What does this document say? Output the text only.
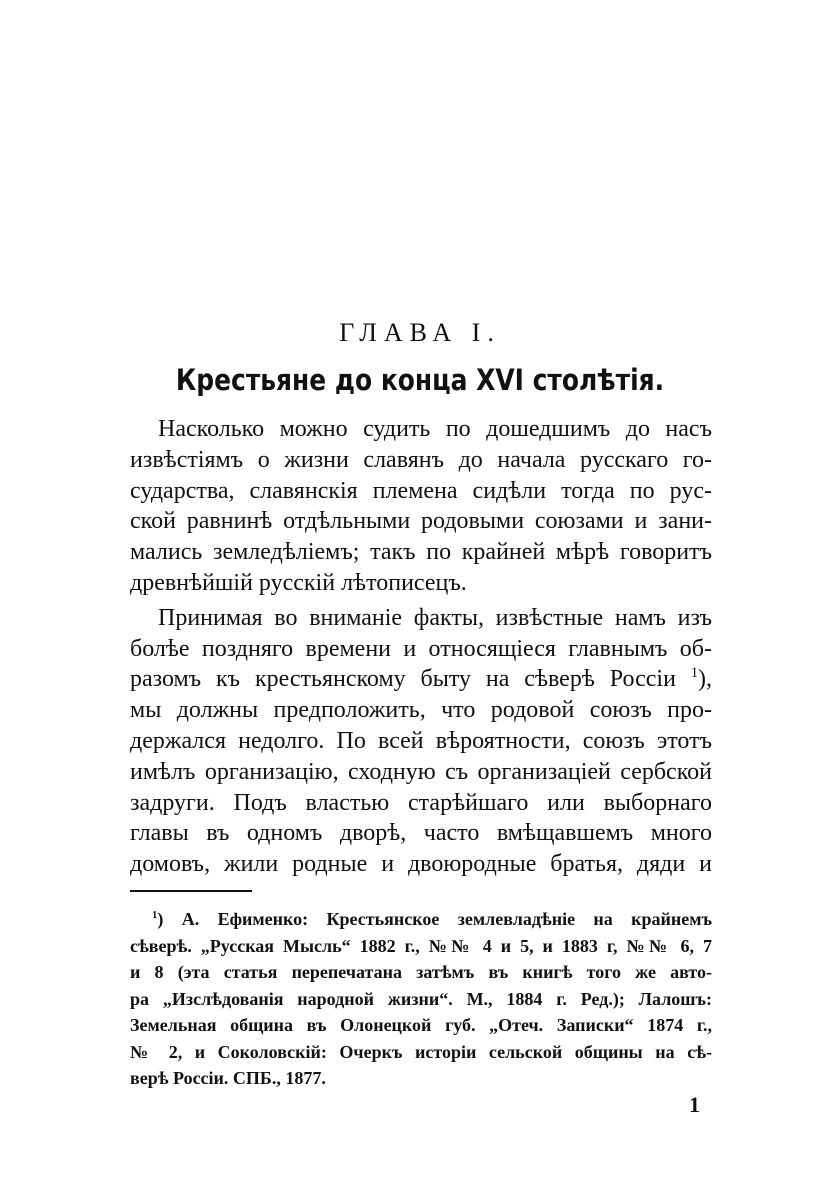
ГЛАВА I.
Крестьяне до конца XVI столѣтія.
Насколько можно судить по дошедшимъ до насъ
извѣстіямъ о жизни славянъ до начала русскаго го-
сударства, славянскія племена сидѣли тогда по рус-
ской равнинѣ отдѣльными родовыми союзами и зани-
мались земледѣліемъ; такъ по крайней мѣрѣ говоритъ
древнѣйшій русскій лѣтописецъ.
Принимая во вниманіе факты, извѣстные намъ изъ
болѣе поздняго времени и относящіеся главнымъ об-
разомъ къ крестьянскому быту на сѣверѣ Россіи $^1$),
мы должны предположить, что родовой союзъ про-
держался недолго. По всей вѣроятности, союзъ этотъ
имѣлъ организацію, сходную съ организаціей сербской
задруги. Подъ властью старѣйшаго или выборнаго
главы въ одномъ дворѣ, часто вмѣщавшемъ много
домовъ, жили родные и двоюродные братья, дяди и
$^1$) А. Ефименко: Крестьянское землевладѣніе на крайнемъ
сѣверѣ. „Русская Мысль“ 1882 г., №№ 4 и 5, и 1883 г, №№ 6, 7
и 8 (эта статья перепечатана затѣмъ въ книгѣ того же авто-
ра „Изслѣдованія народной жизни“. М., 1884 г. Ред.); Лалошъ:
Земельная община въ Олонецкой губ. „Отеч. Записки“ 1874 г.,
№ 2, и Соколовскій: Очеркъ исторіи сельской общины на сѣ-
верѣ Россіи. СПБ., 1877.
1
